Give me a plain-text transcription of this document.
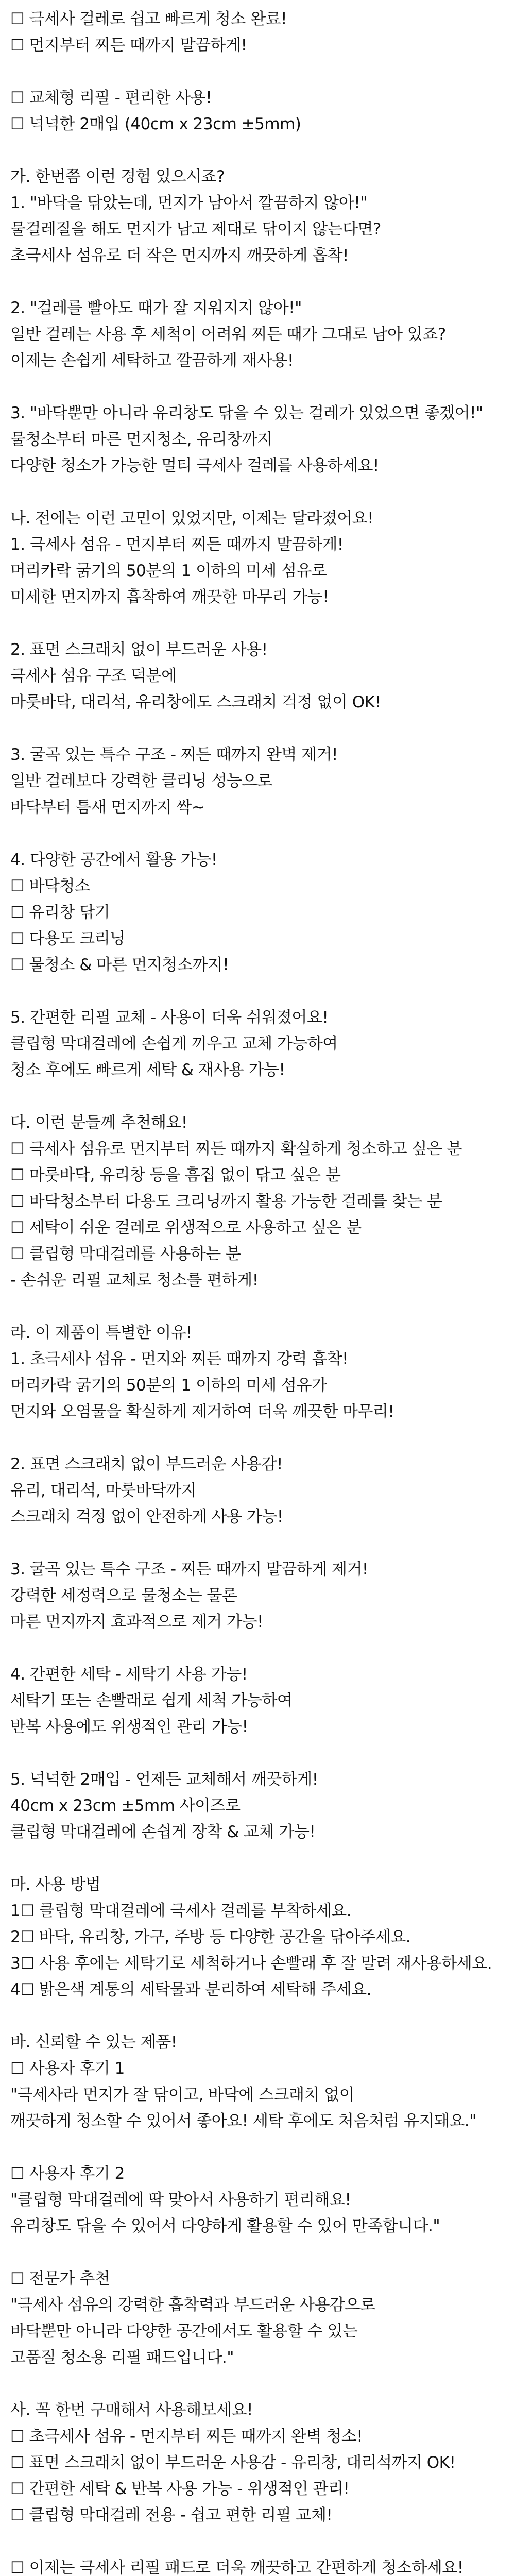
☐ 극세사 걸레로 쉽고 빠르게 청소 완료!
☐ 먼지부터 찌든 때까지 말끔하게!
☐ 교체형 리필 - 편리한 사용!
☐ 넉넉한 2매입 (40cm x 23cm ±5mm)
가. 한번쯤 이런 경험 있으시죠?
1. "바닥을 닦았는데, 먼지가 남아서 깔끔하지 않아!"
물걸레질을 해도 먼지가 남고 제대로 닦이지 않는다면?
초극세사 섬유로 더 작은 먼지까지 깨끗하게 흡착!
2. "걸레를 빨아도 때가 잘 지워지지 않아!"
일반 걸레는 사용 후 세척이 어려워 찌든 때가 그대로 남아 있죠?
이제는 손쉽게 세탁하고 깔끔하게 재사용!
3. "바닥뿐만 아니라 유리창도 닦을 수 있는 걸레가 있었으면 좋겠어!"
물청소부터 마른 먼지청소, 유리창까지
다양한 청소가 가능한 멀티 극세사 걸레를 사용하세요!
나. 전에는 이런 고민이 있었지만, 이제는 달라졌어요!
1. 극세사 섬유 - 먼지부터 찌든 때까지 말끔하게!
머리카락 굵기의 50분의 1 이하의 미세 섬유로
미세한 먼지까지 흡착하여 깨끗한 마무리 가능!
2. 표면 스크래치 없이 부드러운 사용!
극세사 섬유 구조 덕분에
마룻바닥, 대리석, 유리창에도 스크래치 걱정 없이 OK!
3. 굴곡 있는 특수 구조 - 찌든 때까지 완벽 제거!
일반 걸레보다 강력한 클리닝 성능으로
바닥부터 틈새 먼지까지 싹~
4. 다양한 공간에서 활용 가능!
☐ 바닥청소
☐ 유리창 닦기
☐ 다용도 크리닝
☐ 물청소 & 마른 먼지청소까지!
5. 간편한 리필 교체 - 사용이 더욱 쉬워졌어요!
클립형 막대걸레에 손쉽게 끼우고 교체 가능하여
청소 후에도 빠르게 세탁 & 재사용 가능!
다. 이런 분들께 추천해요!
☐ 극세사 섬유로 먼지부터 찌든 때까지 확실하게 청소하고 싶은 분
☐ 마룻바닥, 유리창 등을 흠집 없이 닦고 싶은 분
☐ 바닥청소부터 다용도 크리닝까지 활용 가능한 걸레를 찾는 분
☐ 세탁이 쉬운 걸레로 위생적으로 사용하고 싶은 분
☐ 클립형 막대걸레를 사용하는 분
- 손쉬운 리필 교체로 청소를 편하게!
라. 이 제품이 특별한 이유!
1. 초극세사 섬유 - 먼지와 찌든 때까지 강력 흡착!
머리카락 굵기의 50분의 1 이하의 미세 섬유가
먼지와 오염물을 확실하게 제거하여 더욱 깨끗한 마무리!
2. 표면 스크래치 없이 부드러운 사용감!
유리, 대리석, 마룻바닥까지
스크래치 걱정 없이 안전하게 사용 가능!
3. 굴곡 있는 특수 구조 - 찌든 때까지 말끔하게 제거!
강력한 세정력으로 물청소는 물론
마른 먼지까지 효과적으로 제거 가능!
4. 간편한 세탁 - 세탁기 사용 가능!
세탁기 또는 손빨래로 쉽게 세척 가능하여
반복 사용에도 위생적인 관리 가능!
5. 넉넉한 2매입 - 언제든 교체해서 깨끗하게!
40cm x 23cm ±5mm 사이즈로
클립형 막대걸레에 손쉽게 장착 & 교체 가능!
마. 사용 방법
1☐ 클립형 막대걸레에 극세사 걸레를 부착하세요.
2☐ 바닥, 유리창, 가구, 주방 등 다양한 공간을 닦아주세요.
3☐ 사용 후에는 세탁기로 세척하거나 손빨래 후 잘 말려 재사용하세요.
4☐ 밝은색 계통의 세탁물과 분리하여 세탁해 주세요.
바. 신뢰할 수 있는 제품!
☐ 사용자 후기 1
"극세사라 먼지가 잘 닦이고, 바닥에 스크래치 없이
깨끗하게 청소할 수 있어서 좋아요! 세탁 후에도 처음처럼 유지돼요."
☐ 사용자 후기 2
"클립형 막대걸레에 딱 맞아서 사용하기 편리해요!
유리창도 닦을 수 있어서 다양하게 활용할 수 있어 만족합니다."
☐ 전문가 추천
"극세사 섬유의 강력한 흡착력과 부드러운 사용감으로
바닥뿐만 아니라 다양한 공간에서도 활용할 수 있는
고품질 청소용 리필 패드입니다."
사. 꼭 한번 구매해서 사용해보세요!
☐ 초극세사 섬유 - 먼지부터 찌든 때까지 완벽 청소!
☐ 표면 스크래치 없이 부드러운 사용감 - 유리창, 대리석까지 OK!
☐ 간편한 세탁 & 반복 사용 가능 - 위생적인 관리!
☐ 클립형 막대걸레 전용 - 쉽고 편한 리필 교체!
☐ 이제는 극세사 리필 패드로 더욱 깨끗하고 간편하게 청소하세요!
